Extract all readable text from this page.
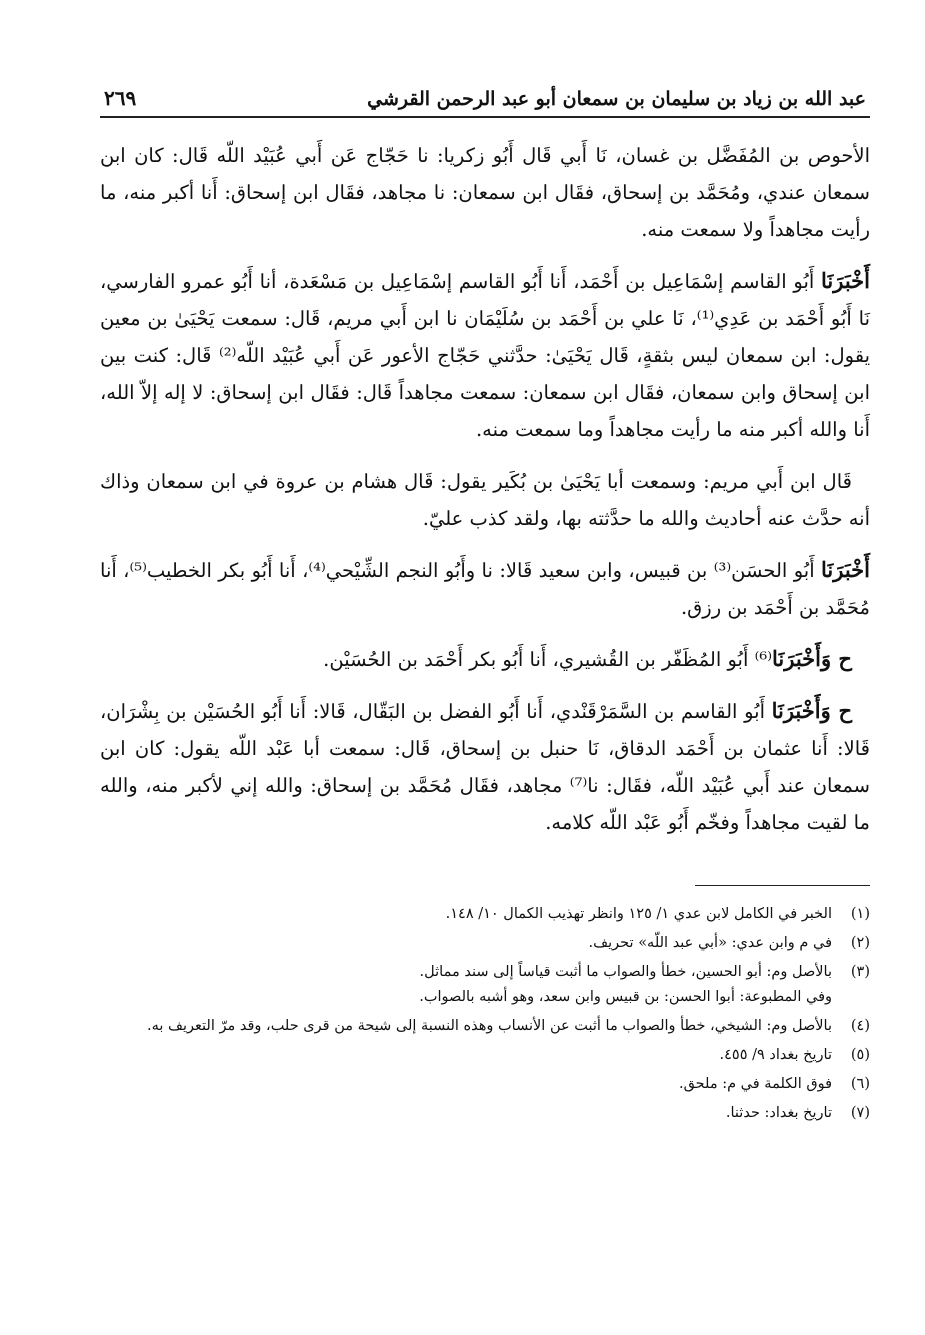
عبد الله بن زياد بن سليمان بن سمعان أبو عبد الرحمن القرشي
٢٦٩

الأحوص بن المُفَضَّل بن غسان، نَا أَبي قَال أَبُو زكريا: نا حَجّاج عَن أَبي عُبَيْد اللّه قَال: كان ابن سمعان عندي، ومُحَمَّد بن إسحاق، فقَال ابن سمعان: نا مجاهد، فقَال ابن إسحاق: أَنا أكبر منه، ما رأيت مجاهداً ولا سمعت منه.

أَخْبَرَنَا أَبُو القاسم إسْمَاعِيل بن أَحْمَد، أَنا أَبُو القاسم إسْمَاعِيل بن مَسْعَدة، أنا أَبُو عمرو الفارسي، نَا أَبُو أَحْمَد بن عَدِي⁽¹⁾، نَا علي بن أَحْمَد بن سُلَيْمَان نا ابن أَبي مريم، قَال: سمعت يَحْيَىٰ بن معين يقول: ابن سمعان ليس بثقةٍ، قَال يَحْيَىٰ: حدَّثني حَجّاج الأعور عَن أَبي عُبَيْد اللّه⁽²⁾ قَال: كنت بين ابن إسحاق وابن سمعان، فقَال ابن سمعان: سمعت مجاهداً قَال: فقَال ابن إسحاق: لا إله إلاّ الله، أَنا والله أكبر منه ما رأيت مجاهداً وما سمعت منه.

قَال ابن أَبي مريم: وسمعت أبا يَحْيَىٰ بن بُكَير يقول: قَال هشام بن عروة في ابن سمعان وذاك أنه حدَّث عنه أحاديث والله ما حدَّثته بها، ولقد كذب عليّ.

أَخْبَرَنَا أَبُو الحسَن⁽³⁾ بن قبيس، وابن سعيد قَالا: نا وأَبُو النجم الشِّيْحي⁽⁴⁾، أَنا أَبُو بكر الخطيب⁽⁵⁾، أَنا مُحَمَّد بن أَحْمَد بن رزق.

ح وَأَخْبَرَنَا⁽⁶⁾ أَبُو المُظَفّر بن القُشيري، أَنا أَبُو بكر أَحْمَد بن الحُسَيْن.

ح وَأَخْبَرَنَا أَبُو القاسم بن السَّمَرْقَنْدي، أَنا أَبُو الفضل بن البَقّال، قَالا: أَنا أَبُو الحُسَيْن بن بِشْرَان، قَالا: أَنا عثمان بن أَحْمَد الدقاق، نَا حنبل بن إسحاق، قَال: سمعت أبا عَبْد اللّه يقول: كان ابن سمعان عند أَبي عُبَيْد اللّه، فقَال: نا⁽⁷⁾ مجاهد، فقَال مُحَمَّد بن إسحاق: والله إني لأكبر منه، والله ما لقيت مجاهداً وفخّم أَبُو عَبْد اللّه كلامه.

(١)
الخبر في الكامل لابن عدي ١/ ١٢٥ وانظر تهذيب الكمال ١٠/ ١٤٨.
(٢)
في م وابن عدي: «أبي عبد اللّه» تحريف.
(٣)
بالأصل وم: أبو الحسين، خطأ والصواب ما أثبت قياساً إلى سند مماثل.
وفي المطبوعة: أبوا الحسن: بن قبيس وابن سعد، وهو أشبه بالصواب.
(٤)
بالأصل وم: الشيخي، خطأ والصواب ما أثبت عن الأنساب وهذه النسبة إلى شيحة من قرى حلب، وقد مرّ التعريف به.
(٥)
تاريخ بغداد ٩/ ٤٥٥.
(٦)
فوق الكلمة في م: ملحق.
(٧)
تاريخ بغداد: حدثنا.
